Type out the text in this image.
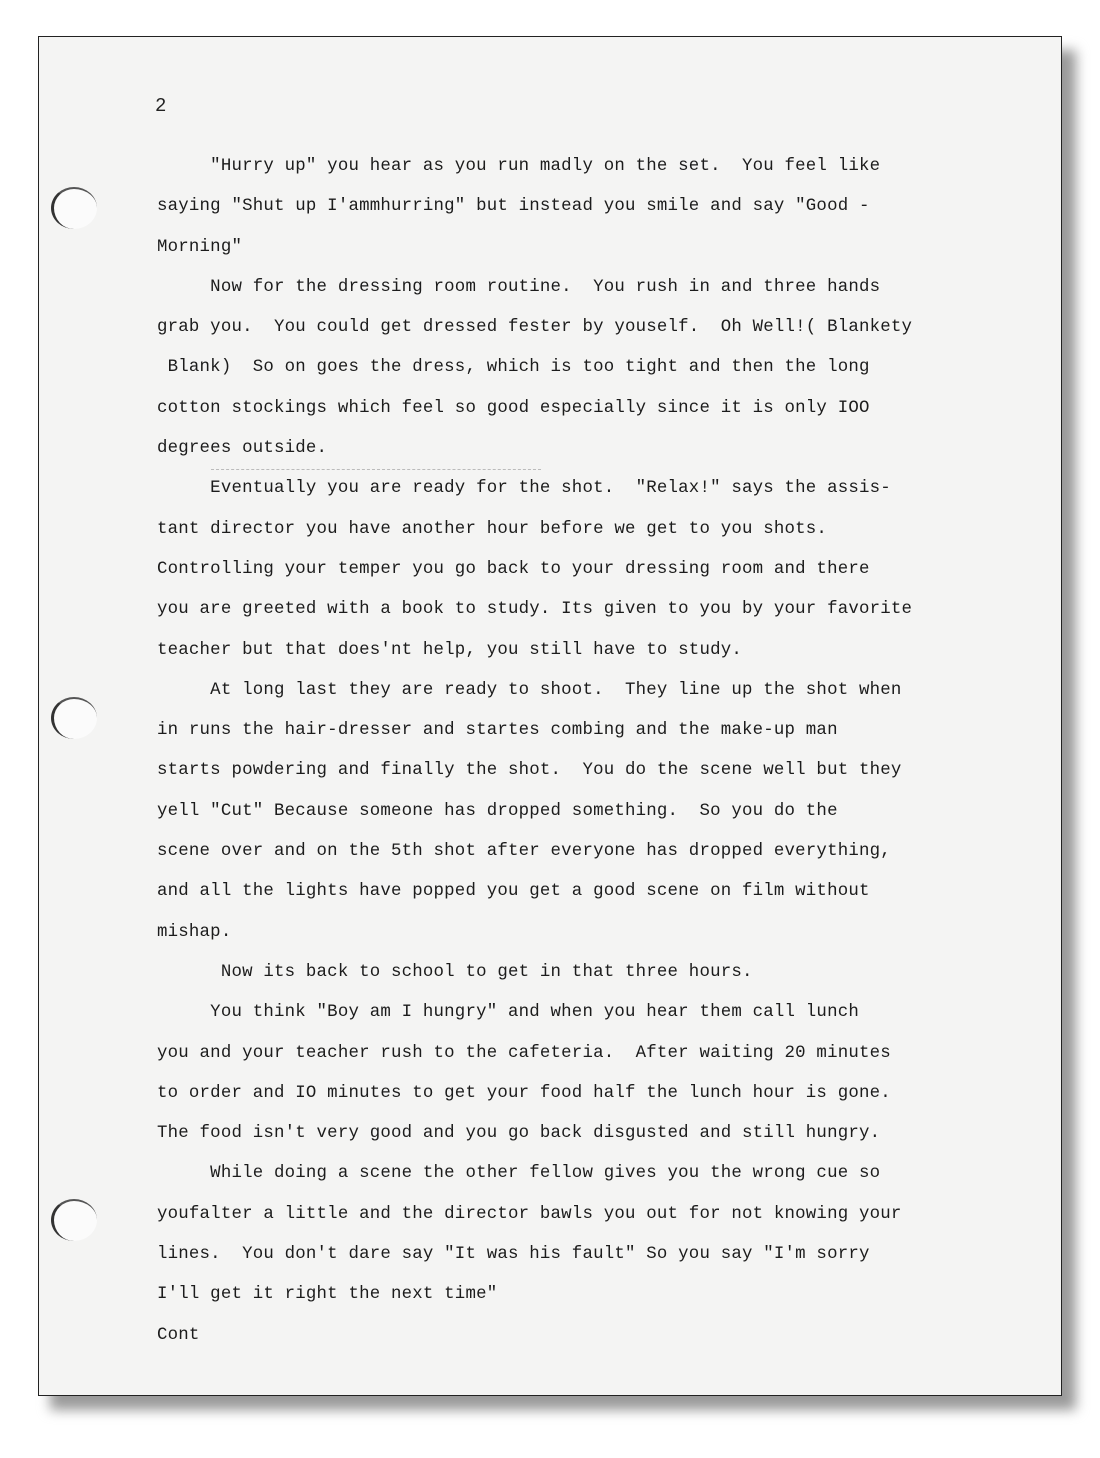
2
"Hurry up" you hear as you run madly on the set.  You feel like
saying "Shut up I'ammhurring" but instead you smile and say "Good -
Morning"
Now for the dressing room routine.  You rush in and three hands
grab you.  You could get dressed fester by youself.  Oh Well!( Blankety
Blank)  So on goes the dress, which is too tight and then the long
cotton stockings which feel so good especially since it is only IOO
degrees outside.
Eventually you are ready for the shot.  "Relax!" says the assis-
tant director you have another hour before we get to you shots.
Controlling your temper you go back to your dressing room and there
you are greeted with a book to study. Its given to you by your favorite
teacher but that does'nt help, you still have to study.
At long last they are ready to shoot.  They line up the shot when
in runs the hair-dresser and startes combing and the make-up man
starts powdering and finally the shot.  You do the scene well but they
yell "Cut" Because someone has dropped something.  So you do the
scene over and on the 5th shot after everyone has dropped everything,
and all the lights have popped you get a good scene on film without
mishap.
Now its back to school to get in that three hours.
You think "Boy am I hungry" and when you hear them call lunch
you and your teacher rush to the cafeteria.  After waiting 20 minutes
to order and IO minutes to get your food half the lunch hour is gone.
The food isn't very good and you go back disgusted and still hungry.
While doing a scene the other fellow gives you the wrong cue so
youfalter a little and the director bawls you out for not knowing your
lines.  You don't dare say "It was his fault" So you say "I'm sorry
I'll get it right the next time"
Cont
